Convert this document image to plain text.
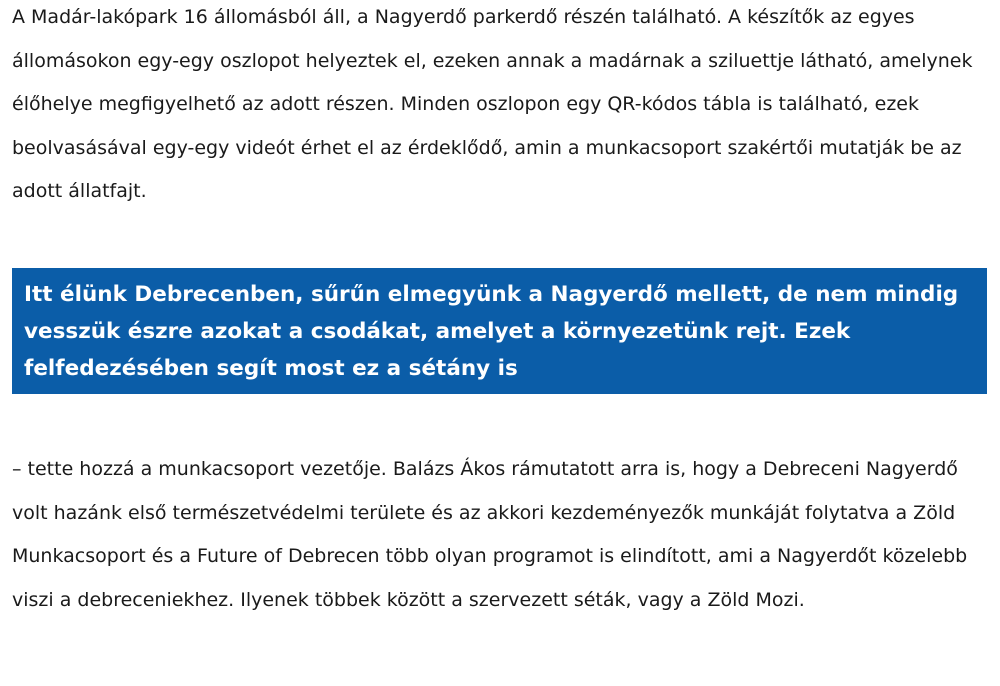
A Madár-lakópark 16 állomásból áll, a Nagyerdő parkerdő részén található. A készítők az egyes állomásokon egy-egy oszlopot helyeztek el, ezeken annak a madárnak a sziluettje látható, amelynek élőhelye megfigyelhető az adott részen. Minden oszlopon egy QR-kódos tábla is található, ezek beolvasásával egy-egy videót érhet el az érdeklődő, amin a munkacsoport szakértői mutatják be az adott állatfajt.

Itt élünk Debrecenben, sűrűn elmegyünk a Nagyerdő mellett, de nem mindig vesszük észre azokat a csodákat, amelyet a környezetünk rejt. Ezek felfedezésében segít most ez a sétány is

– tette hozzá a munkacsoport vezetője. Balázs Ákos rámutatott arra is, hogy a Debreceni Nagyerdő volt hazánk első természetvédelmi területe és az akkori kezdeményezők munkáját folytatva a Zöld Munkacsoport és a Future of Debrecen több olyan programot is elindított, ami a Nagyerdőt közelebb viszi a debreceniekhez. Ilyenek többek között a szervezett séták, vagy a Zöld Mozi.
